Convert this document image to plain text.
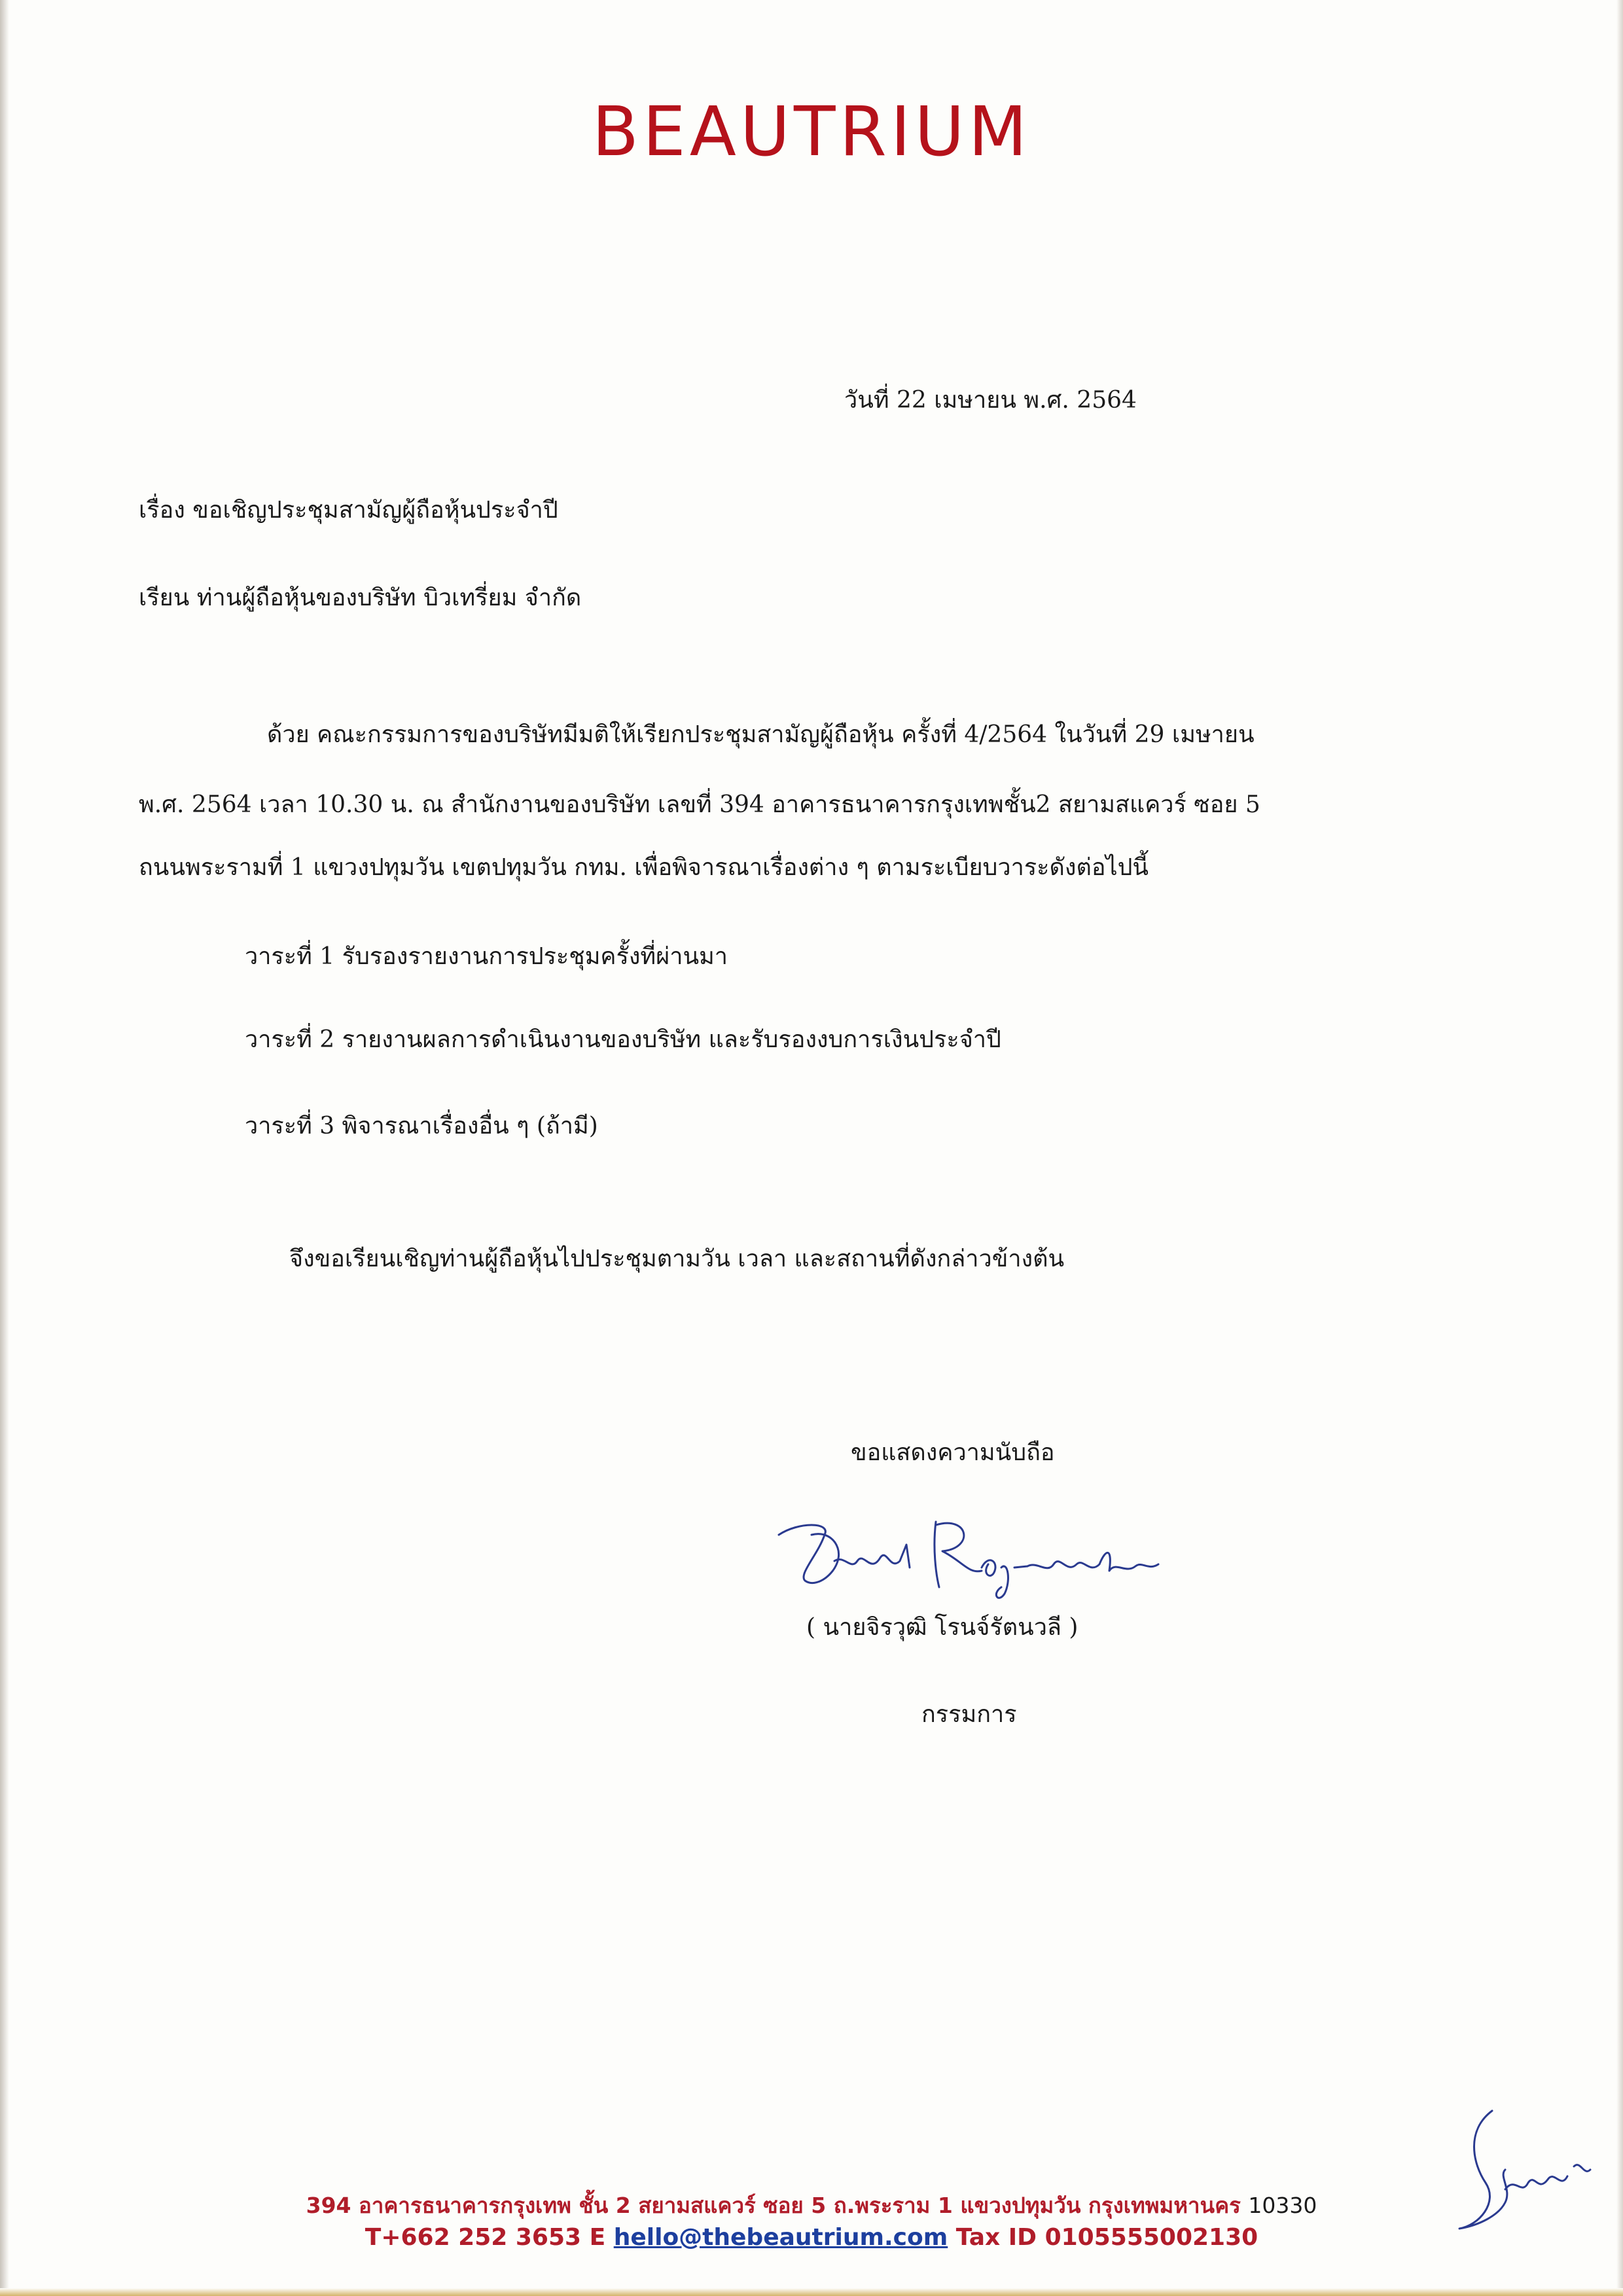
BEAUTRIUM
วันที่ 22 เมษายน พ.ศ. 2564
เรื่อง ขอเชิญประชุมสามัญผู้ถือหุ้นประจำปี
เรียน ท่านผู้ถือหุ้นของบริษัท บิวเทรี่ยม จำกัด
ด้วย คณะกรรมการของบริษัทมีมติให้เรียกประชุมสามัญผู้ถือหุ้น ครั้งที่ 4/2564 ในวันที่ 29 เมษายน
พ.ศ. 2564 เวลา 10.30 น. ณ สำนักงานของบริษัท เลขที่ 394 อาคารธนาคารกรุงเทพชั้น2 สยามสแควร์ ซอย 5
ถนนพระรามที่ 1 แขวงปทุมวัน เขตปทุมวัน กทม. เพื่อพิจารณาเรื่องต่าง ๆ ตามระเบียบวาระดังต่อไปนี้
วาระที่ 1 รับรองรายงานการประชุมครั้งที่ผ่านมา
วาระที่ 2 รายงานผลการดำเนินงานของบริษัท และรับรองงบการเงินประจำปี
วาระที่ 3 พิจารณาเรื่องอื่น ๆ (ถ้ามี)
จึงขอเรียนเชิญท่านผู้ถือหุ้นไปประชุมตามวัน เวลา และสถานที่ดังกล่าวข้างต้น
ขอแสดงความนับถือ
( นายจิรวุฒิ โรนจ์รัตนวลี )
กรรมการ
394 อาคารธนาคารกรุงเทพ ชั้น 2 สยามสแควร์ ซอย 5 ถ.พระราม 1 แขวงปทุมวัน กรุงเทพมหานคร 10330
T+662 252 3653 E hello@thebeautrium.com Tax ID 0105555002130
